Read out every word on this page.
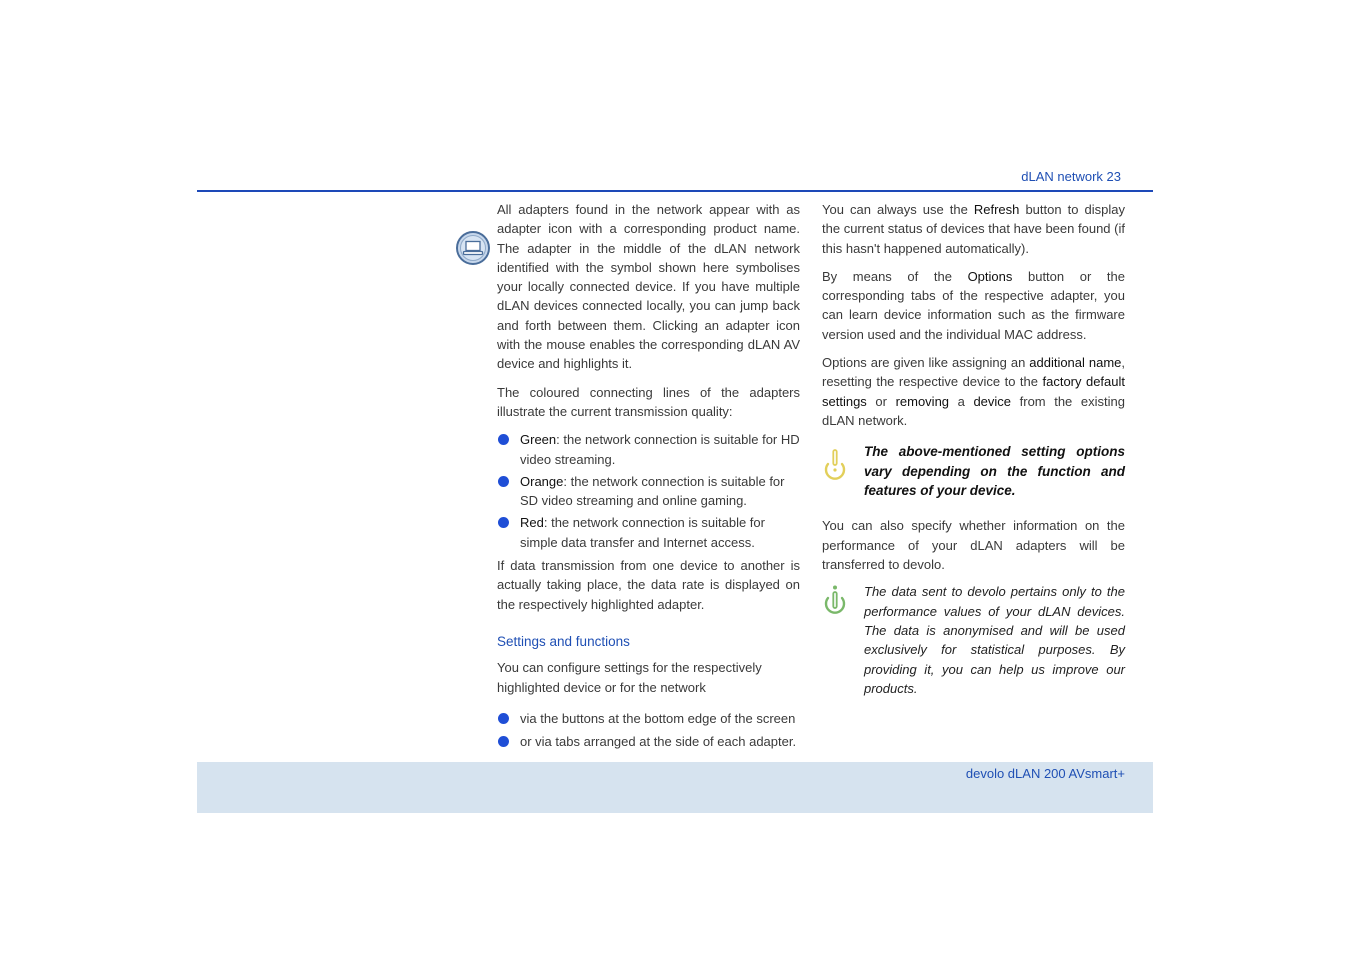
dLAN network 23

All adapters found in the network appear with as adapter icon with a corresponding product name. The adapter in the middle of the dLAN network identified with the symbol shown here symbolises your locally connected device. If you have multiple dLAN devices connected locally, you can jump back and forth between them. Clicking an adapter icon with the mouse enables the corresponding dLAN AV device and highlights it.

The coloured connecting lines of the adapters illustrate the current transmission quality:

Green: the network connection is suitable for HD video streaming.
Orange: the network connection is suitable for SD video streaming and online gaming.
Red: the network connection is suitable for simple data transfer and Internet access.

If data transmission from one device to another is actually taking place, the data rate is displayed on the respectively highlighted adapter.

Settings and functions

You can configure settings for the respectively highlighted device or for the network

via the buttons at the bottom edge of the screen
or via tabs arranged at the side of each adapter.

You can always use the Refresh button to display the current status of devices that have been found (if this hasn't happened automatically).

By means of the Options button or the corresponding tabs of the respective adapter, you can learn device information such as the firmware version used and the individual MAC address.

Options are given like assigning an additional name, resetting the respective device to the factory default settings or removing a device from the existing dLAN network.

The above-mentioned setting options vary depending on the function and features of your device.

You can also specify whether information on the performance of your dLAN adapters will be transferred to devolo.

The data sent to devolo pertains only to the performance values of your dLAN devices. The data is anonymised and will be used exclusively for statistical purposes. By providing it, you can help us improve our products.

devolo dLAN 200 AVsmart+
